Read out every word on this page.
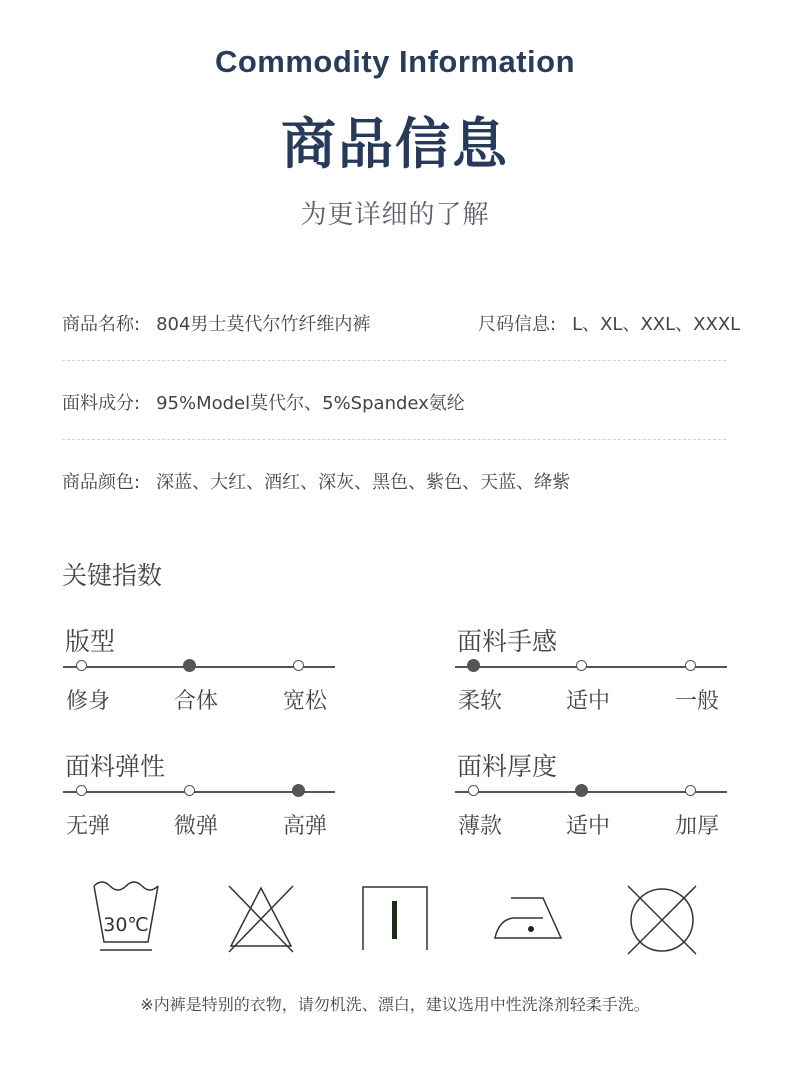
Commodity Information
商品信息
为更详细的了解
商品名称: 804男士莫代尔竹纤维内裤	尺码信息: L、XL、XXL、XXXL
面料成分: 95%Model莫代尔、5%Spandex氨纶
商品颜色: 深蓝、大红、酒红、深灰、黑色、紫色、天蓝、绛紫
关键指数
版型
修身	合体	宽松
面料手感
柔软	适中	一般
面料弹性
无弹	微弹	高弹
面料厚度
薄款	适中	加厚
30℃
※内裤是特别的衣物，请勿机洗、漂白，建议选用中性洗涤剂轻柔手洗。
